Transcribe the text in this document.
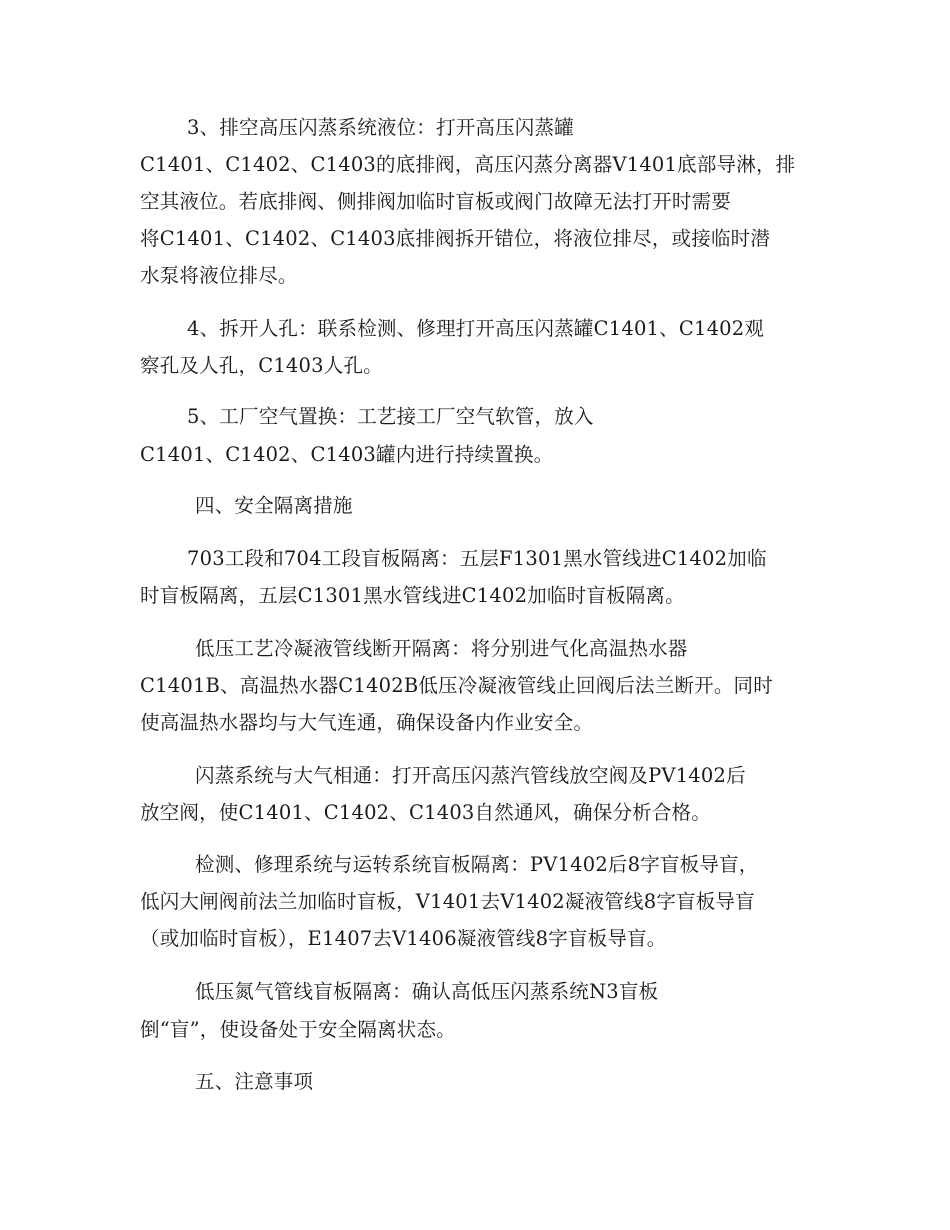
3、排空高压闪蒸系统液位：打开高压闪蒸罐
C1401、C1402、C1403的底排阀，高压闪蒸分离器V1401底部导淋，排
空其液位。若底排阀、侧排阀加临时盲板或阀门故障无法打开时需要
将C1401、C1402、C1403底排阀拆开错位，将液位排尽，或接临时潜
水泵将液位排尽。
4、拆开人孔：联系检测、修理打开高压闪蒸罐C1401、C1402观
察孔及人孔，C1403人孔。
5、工厂空气置换：工艺接工厂空气软管，放入
C1401、C1402、C1403罐内进行持续置换。
四、安全隔离措施
703工段和704工段盲板隔离：五层F1301黑水管线进C1402加临
时盲板隔离，五层C1301黑水管线进C1402加临时盲板隔离。
低压工艺冷凝液管线断开隔离：将分别进气化高温热水器
C1401B、高温热水器C1402B低压冷凝液管线止回阀后法兰断开。同时
使高温热水器均与大气连通，确保设备内作业安全。
闪蒸系统与大气相通：打开高压闪蒸汽管线放空阀及PV1402后
放空阀，使C1401、C1402、C1403自然通风，确保分析合格。
检测、修理系统与运转系统盲板隔离：PV1402后8字盲板导盲，
低闪大闸阀前法兰加临时盲板，V1401去V1402凝液管线8字盲板导盲
（或加临时盲板），E1407去V1406凝液管线8字盲板导盲。
低压氮气管线盲板隔离：确认高低压闪蒸系统N3盲板
倒“盲”，使设备处于安全隔离状态。
五、注意事项
